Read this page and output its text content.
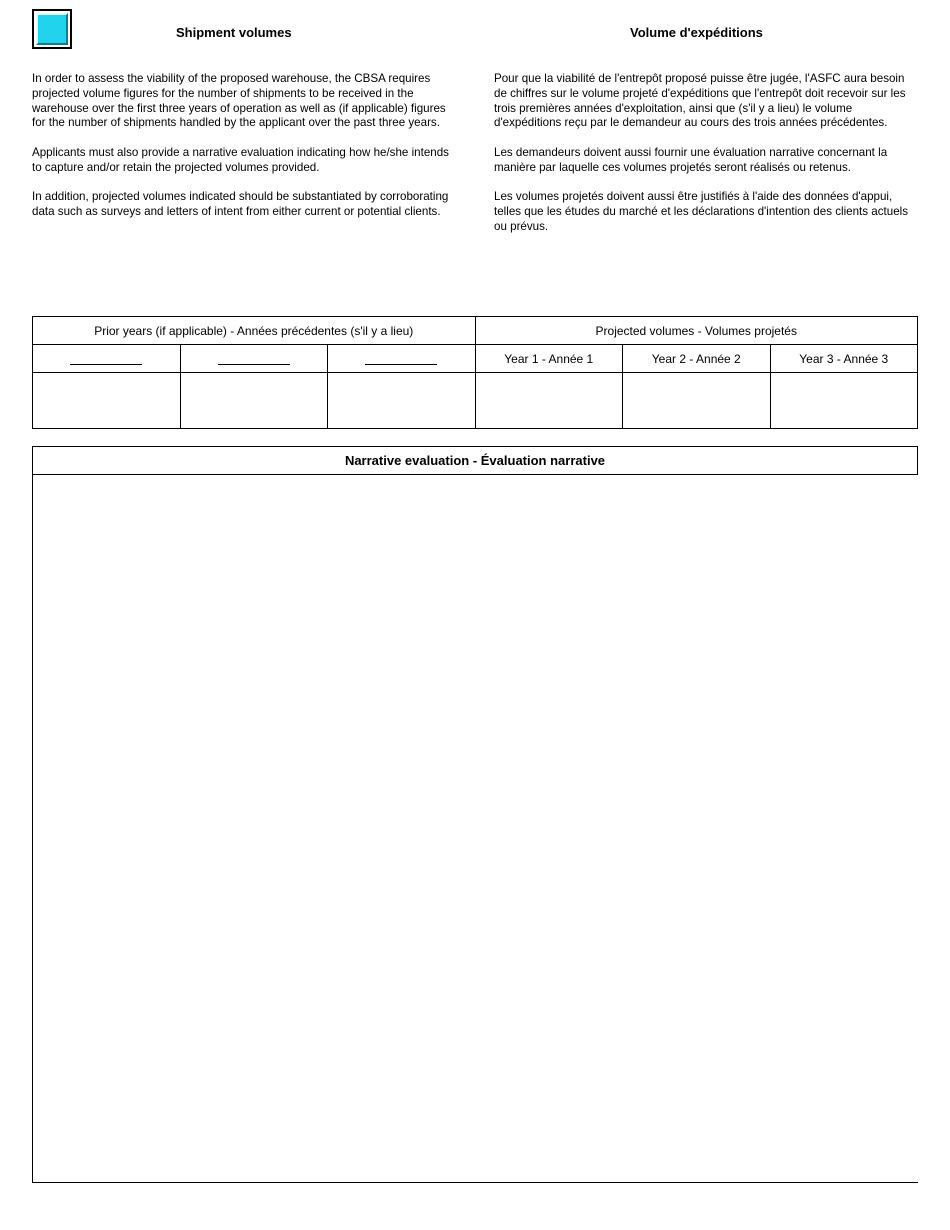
Shipment volumes	Volume d'expéditions

In order to assess the viability of the proposed warehouse, the CBSA requires projected volume figures for the number of shipments to be received in the warehouse over the first three years of operation as well as (if applicable) figures for the number of shipments handled by the applicant over the past three years.

Applicants must also provide a narrative evaluation indicating how he/she intends to capture and/or retain the projected volumes provided.

In addition, projected volumes indicated should be substantiated by corroborating data such as surveys and letters of intent from either current or potential clients.

Pour que la viabilité de l'entrepôt proposé puisse être jugée, l'ASFC aura besoin de chiffres sur le volume projeté d'expéditions que l'entrepôt doit recevoir sur les trois premières années d'exploitation, ainsi que (s'il y a lieu) le volume d'expéditions reçu par le demandeur au cours des trois années précédentes.

Les demandeurs doivent aussi fournir une évaluation narrative concernant la manière par laquelle ces volumes projetés seront réalisés ou retenus.

Les volumes projetés doivent aussi être justifiés à l'aide des données d'appui, telles que les études du marché et les déclarations d'intention des clients actuels ou prévus.

Prior years (if applicable) - Années précédentes (s'il y a lieu)			Projected volumes - Volumes projetés		
			Year 1 - Année 1	Year 2 - Année 2	Year 3 - Année 3

Narrative evaluation - Évaluation narrative
